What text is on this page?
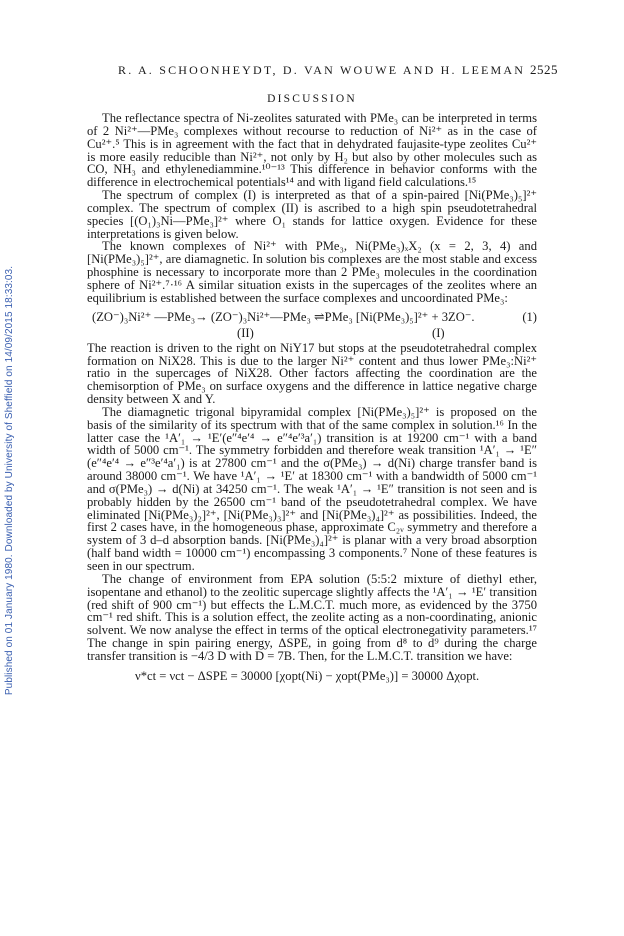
Published on 01 January 1980. Downloaded by University of Sheffield on 14/09/2015 18:33:03.
R. A. SCHOONHEYDT, D. VAN WOUWE AND H. LEEMAN 2525
DISCUSSION

The reflectance spectra of Ni-zeolites saturated with PMe₃ can be interpreted in terms of 2 Ni²⁺—PMe₃ complexes without recourse to reduction of Ni²⁺ as in the case of Cu²⁺.⁵ This is in agreement with the fact that in dehydrated faujasite-type zeolites Cu²⁺ is more easily reducible than Ni²⁺, not only by H₂ but also by other molecules such as CO, NH₃ and ethylenediammine.¹⁰⁻¹³ This difference in behavior conforms with the difference in electrochemical potentials¹⁴ and with ligand field calculations.¹⁵

The spectrum of complex (I) is interpreted as that of a spin-paired [Ni(PMe₃)₅]²⁺ complex. The spectrum of complex (II) is ascribed to a high spin pseudotetrahedral species [(O₁)₃Ni—PMe₃]²⁺ where O₁ stands for lattice oxygen. Evidence for these interpretations is given below.

The known complexes of Ni²⁺ with PMe₃, Ni(PMe₃)ₓX₂ (x = 2, 3, 4) and [Ni(PMe₃)₅]²⁺, are diamagnetic. In solution bis complexes are the most stable and excess phosphine is necessary to incorporate more than 2 PMe₃ molecules in the coordination sphere of Ni²⁺.⁷·¹⁶ A similar situation exists in the supercages of the zeolites where an equilibrium is established between the surface complexes and uncoordinated PMe₃:

(ZO⁻)₃Ni²⁺ —PMe₃→ (ZO⁻)₃Ni²⁺—PMe₃ ⇌PMe₃ [Ni(PMe₃)₅]²⁺ + 3ZO⁻.	(1)
(II)	(I)

The reaction is driven to the right on NiY17 but stops at the pseudotetrahedral complex formation on NiX28. This is due to the larger Ni²⁺ content and thus lower PMe₃:Ni²⁺ ratio in the supercages of NiX28. Other factors affecting the coordination are the chemisorption of PMe₃ on surface oxygens and the difference in lattice negative charge density between X and Y.

The diamagnetic trigonal bipyramidal complex [Ni(PMe₃)₅]²⁺ is proposed on the basis of the similarity of its spectrum with that of the same complex in solution.¹⁶ In the latter case the ¹A′₁ → ¹E′(e″⁴e′⁴ → e″⁴e′³a′₁) transition is at 19200 cm⁻¹ with a band width of 5000 cm⁻¹. The symmetry forbidden and therefore weak transition ¹A′₁ → ¹E″ (e″⁴e′⁴ → e″³e′⁴a′₁) is at 27800 cm⁻¹ and the σ(PMe₃) → d(Ni) charge transfer band is around 38000 cm⁻¹. We have ¹A′₁ → ¹E′ at 18300 cm⁻¹ with a bandwidth of 5000 cm⁻¹ and σ(PMe₃) → d(Ni) at 34250 cm⁻¹. The weak ¹A′₁ → ¹E″ transition is not seen and is probably hidden by the 26500 cm⁻¹ band of the pseudotetrahedral complex. We have eliminated [Ni(PMe₃)₂]²⁺, [Ni(PMe₃)₃]²⁺ and [Ni(PMe₃)₄]²⁺ as possibilities. Indeed, the first 2 cases have, in the homogeneous phase, approximate C₂ᵥ symmetry and therefore a system of 3 d–d absorption bands. [Ni(PMe₃)₄]²⁺ is planar with a very broad absorption (half band width = 10000 cm⁻¹) encompassing 3 components.⁷ None of these features is seen in our spectrum.

The change of environment from EPA solution (5:5:2 mixture of diethyl ether, isopentane and ethanol) to the zeolitic supercage slightly affects the ¹A′₁ → ¹E′ transition (red shift of 900 cm⁻¹) but effects the L.M.C.T. much more, as evidenced by the 3750 cm⁻¹ red shift. This is a solution effect, the zeolite acting as a non-coordinating, anionic solvent. We now analyse the effect in terms of the optical electronegativity parameters.¹⁷ The change in spin pairing energy, ΔSPE, in going from d⁸ to d⁹ during the charge transfer transition is −4/3 D with D = 7B. Then, for the L.M.C.T. transition we have:

ν*ct = νct − ΔSPE = 30000 [χopt(Ni) − χopt(PMe₃)] = 30000 Δχopt.
